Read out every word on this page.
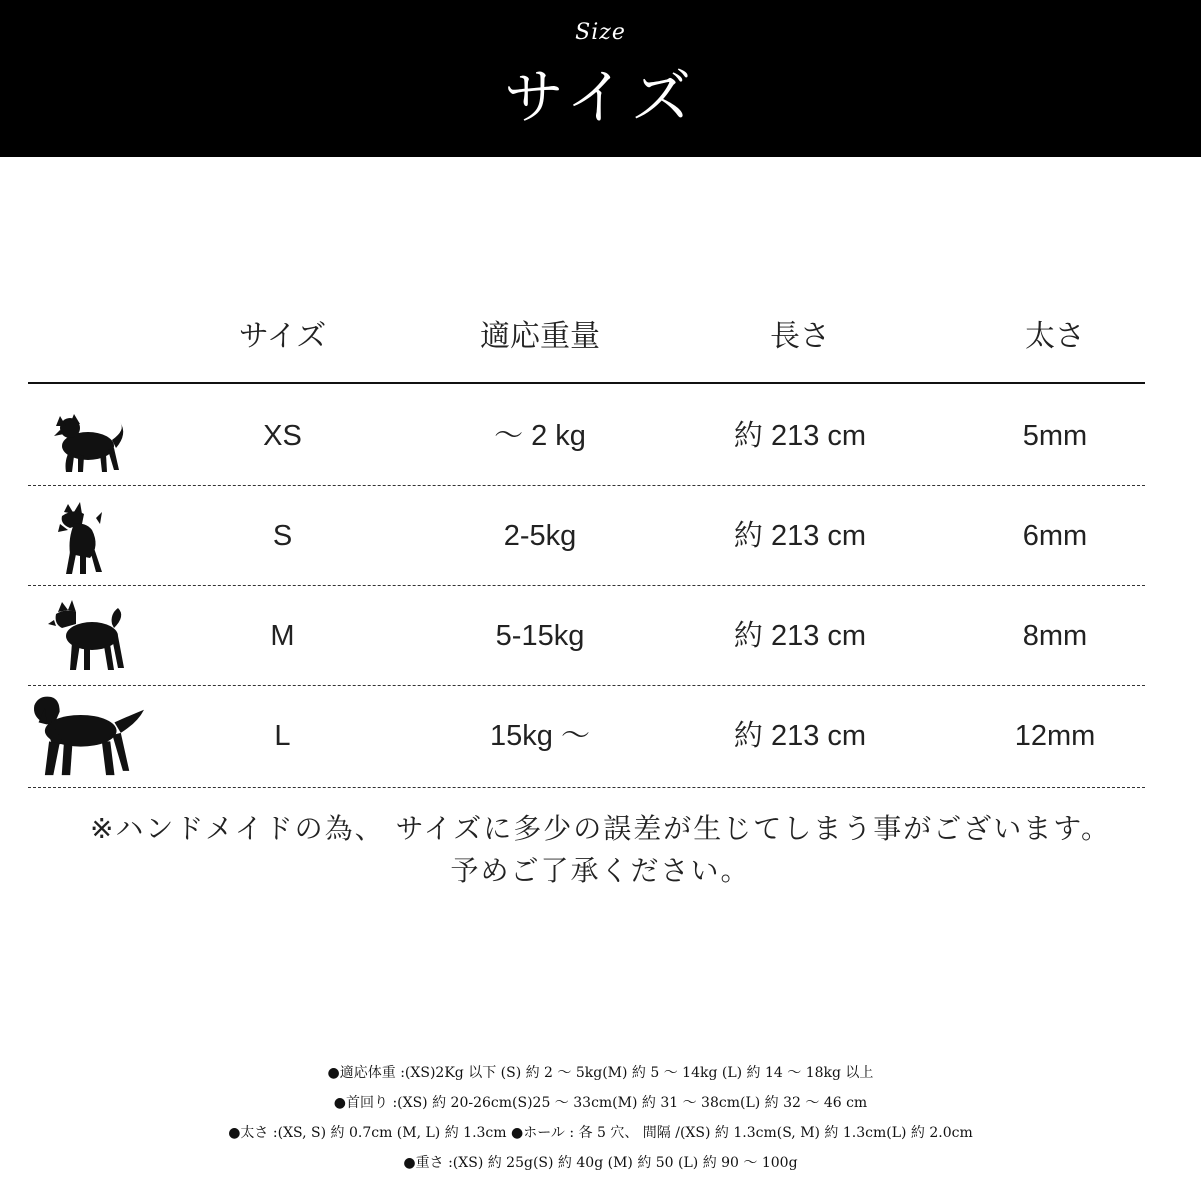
Size
サイズ
サイズ	適応重量	長さ	太さ
XS	～ 2 kg	約 213 cm	5mm
S	2-5kg	約 213 cm	6mm
M	5-15kg	約 213 cm	8mm
L	15kg ～	約 213 cm	12mm
※ハンドメイドの為、 サイズに多少の誤差が生じてしまう事がございます。
予めご了承ください。
●適応体重 :(XS)2Kg 以下 (S) 約 2 ～ 5kg(M) 約 5 ～ 14kg (L) 約 14 ～ 18kg 以上
●首回り :(XS) 約 20-26cm(S)25 ～ 33cm(M) 約 31 ～ 38cm(L) 約 32 ～ 46 cm
●太さ :(XS, S) 約 0.7cm (M, L) 約 1.3cm ●ホール : 各 5 穴、 間隔 /(XS) 約 1.3cm(S, M) 約 1.3cm(L) 約 2.0cm
●重さ :(XS) 約 25g(S) 約 40g (M) 約 50 (L) 約 90 ～ 100g
